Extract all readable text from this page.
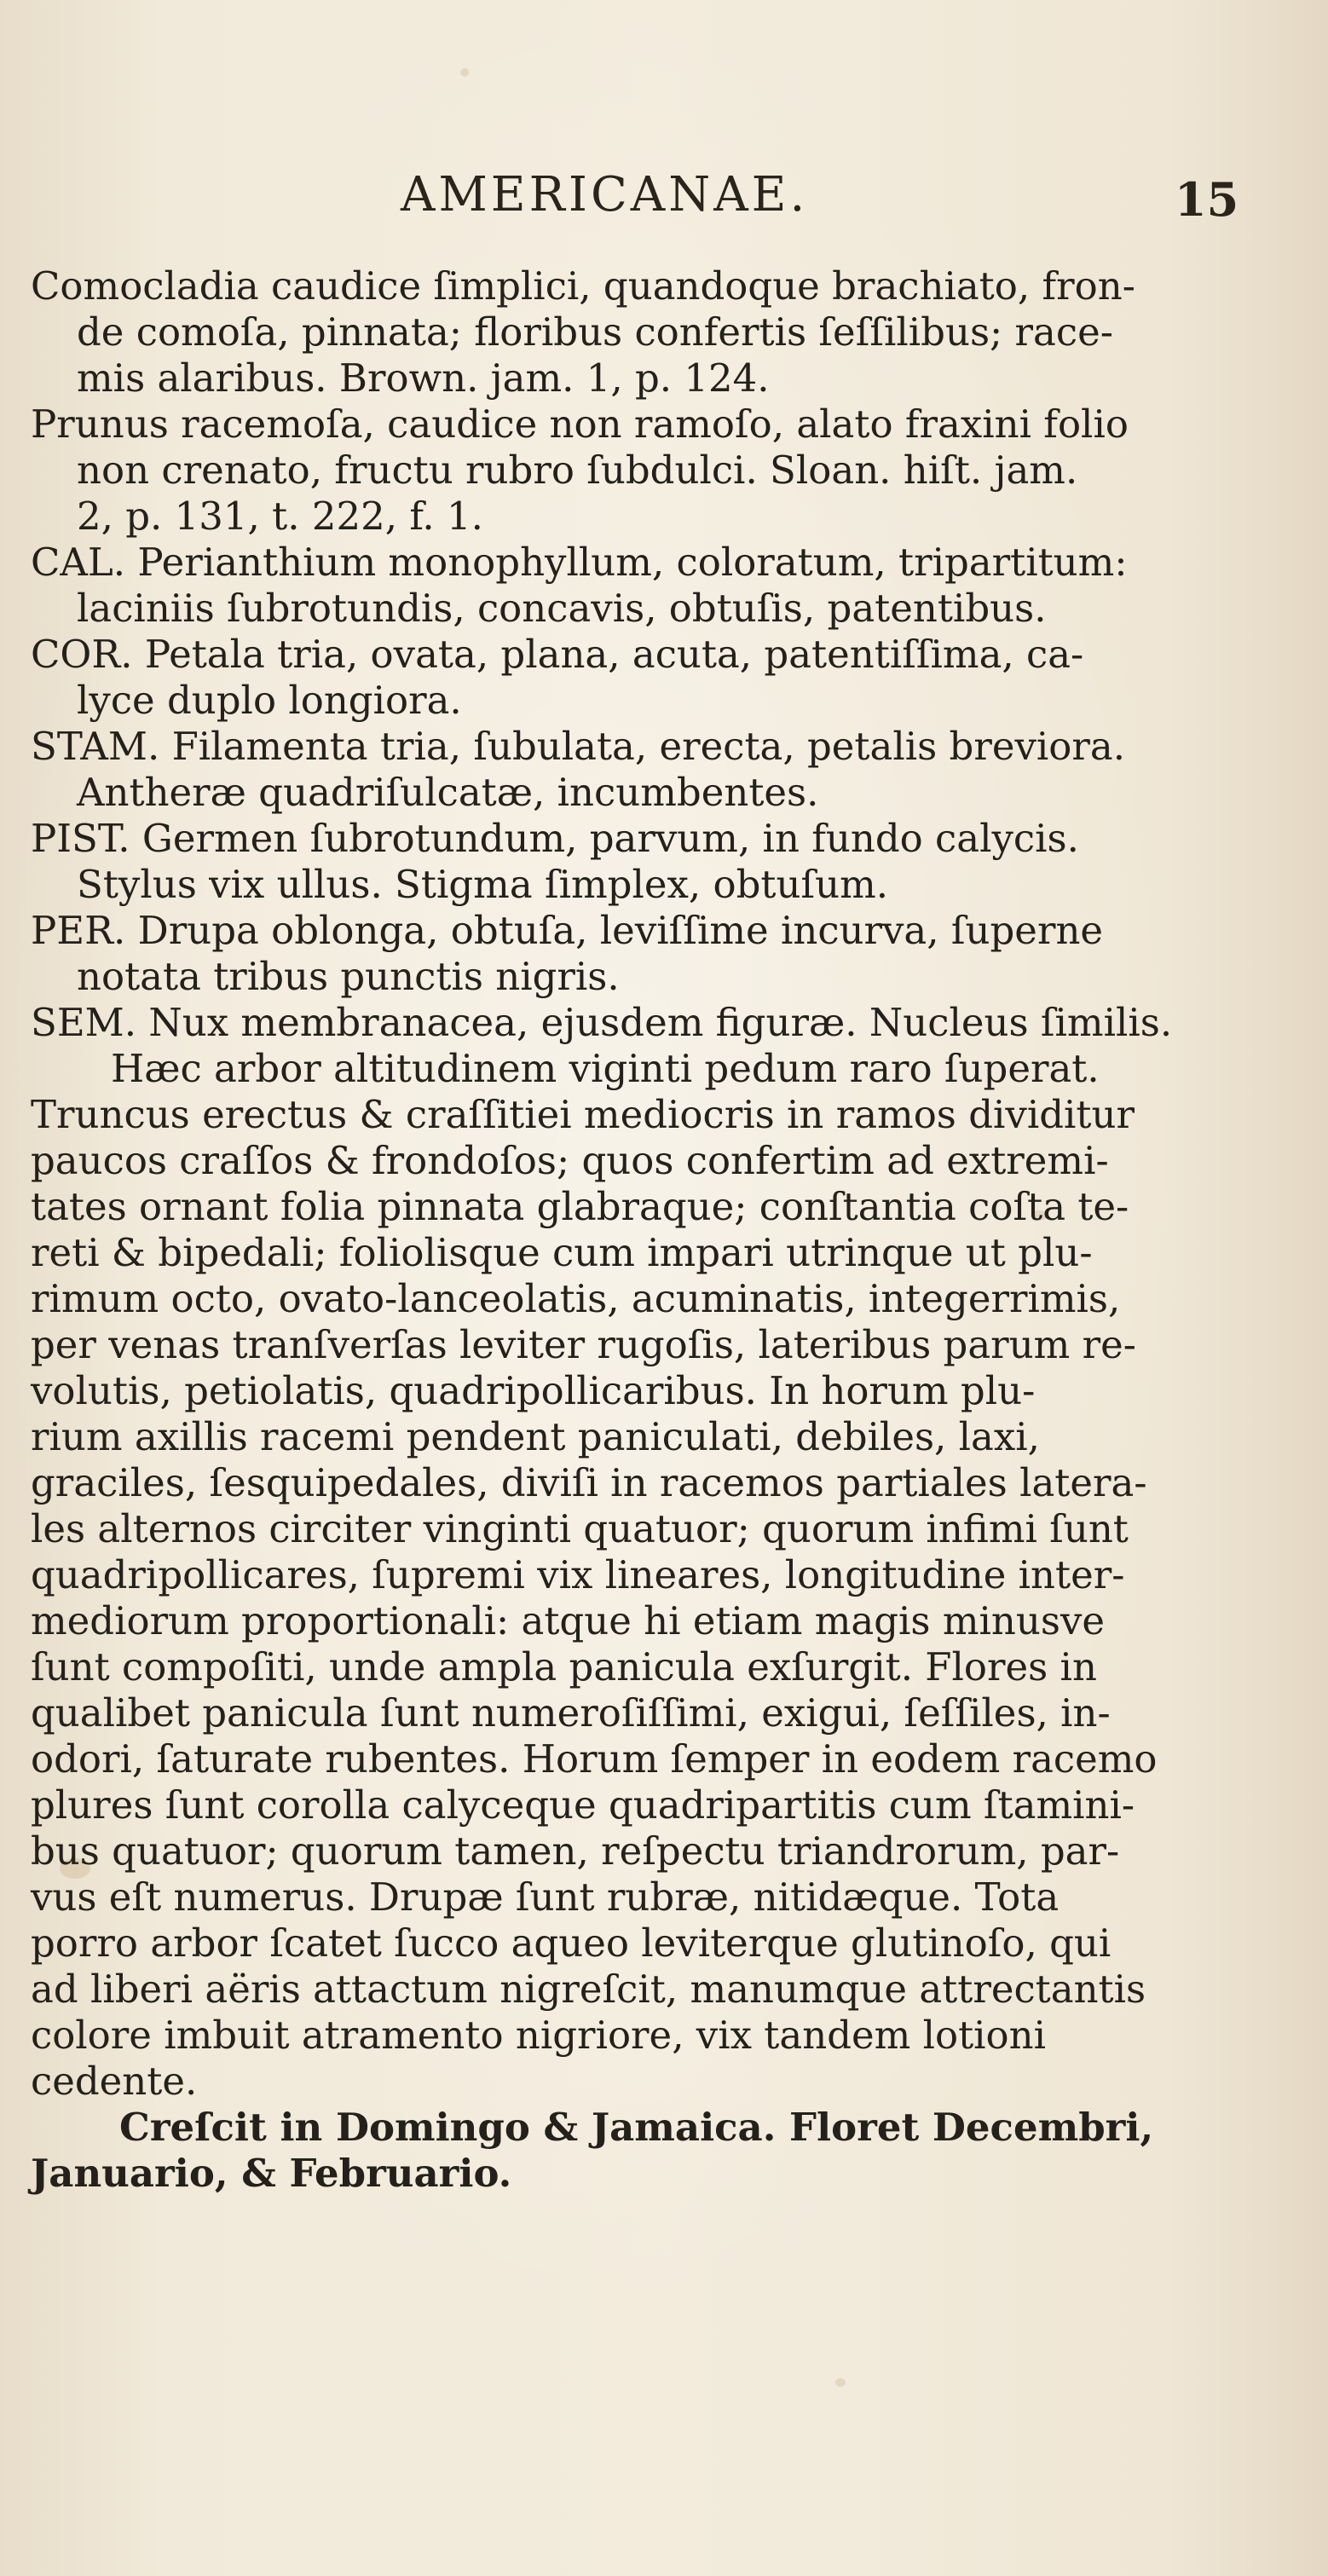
AMERICANAE.	15
Comocladia caudice ſimplici, quandoque brachiato, fron-
de comoſa, pinnata; floribus confertis ſeſſilibus; race-
mis alaribus. Brown. jam. 1, p. 124.
Prunus racemoſa, caudice non ramoſo, alato fraxini folio
non crenato, fructu rubro ſubdulci. Sloan. hiſt. jam.
2, p. 131, t. 222, f. 1.
CAL. Perianthium monophyllum, coloratum, tripartitum:
laciniis ſubrotundis, concavis, obtuſis, patentibus.
COR. Petala tria, ovata, plana, acuta, patentiſſima, ca-
lyce duplo longiora.
STAM. Filamenta tria, ſubulata, erecta, petalis breviora.
Antheræ quadriſulcatæ, incumbentes.
PIST. Germen ſubrotundum, parvum, in fundo calycis.
Stylus vix ullus. Stigma ſimplex, obtuſum.
PER. Drupa oblonga, obtuſa, leviſſime incurva, ſuperne
notata tribus punctis nigris.
SEM. Nux membranacea, ejusdem figuræ. Nucleus ſimilis.
Hæc arbor altitudinem viginti pedum raro ſuperat.
Truncus erectus & craſſitiei mediocris in ramos dividitur
paucos craſſos & frondoſos; quos confertim ad extremi-
tates ornant folia pinnata glabraque; conſtantia coſta te-
reti & bipedali; foliolisque cum impari utrinque ut plu-
rimum octo, ovato-lanceolatis, acuminatis, integerrimis,
per venas tranſverſas leviter rugoſis, lateribus parum re-
volutis, petiolatis, quadripollicaribus. In horum plu-
rium axillis racemi pendent paniculati, debiles, laxi,
graciles, ſesquipedales, diviſi in racemos partiales latera-
les alternos circiter vinginti quatuor; quorum infimi ſunt
quadripollicares, ſupremi vix lineares, longitudine inter-
mediorum proportionali: atque hi etiam magis minusve
ſunt compoſiti, unde ampla panicula exſurgit. Flores in
qualibet panicula ſunt numeroſiſſimi, exigui, ſeſſiles, in-
odori, ſaturate rubentes. Horum ſemper in eodem racemo
plures ſunt corolla calyceque quadripartitis cum ſtamini-
bus quatuor; quorum tamen, reſpectu triandrorum, par-
vus eſt numerus. Drupæ ſunt rubræ, nitidæque. Tota
porro arbor ſcatet ſucco aqueo leviterque glutinoſo, qui
ad liberi aëris attactum nigreſcit, manumque attrectantis
colore imbuit atramento nigriore, vix tandem lotioni
cedente.
Creſcit in Domingo & Jamaica. Floret Decembri,
Januario, & Februario.
